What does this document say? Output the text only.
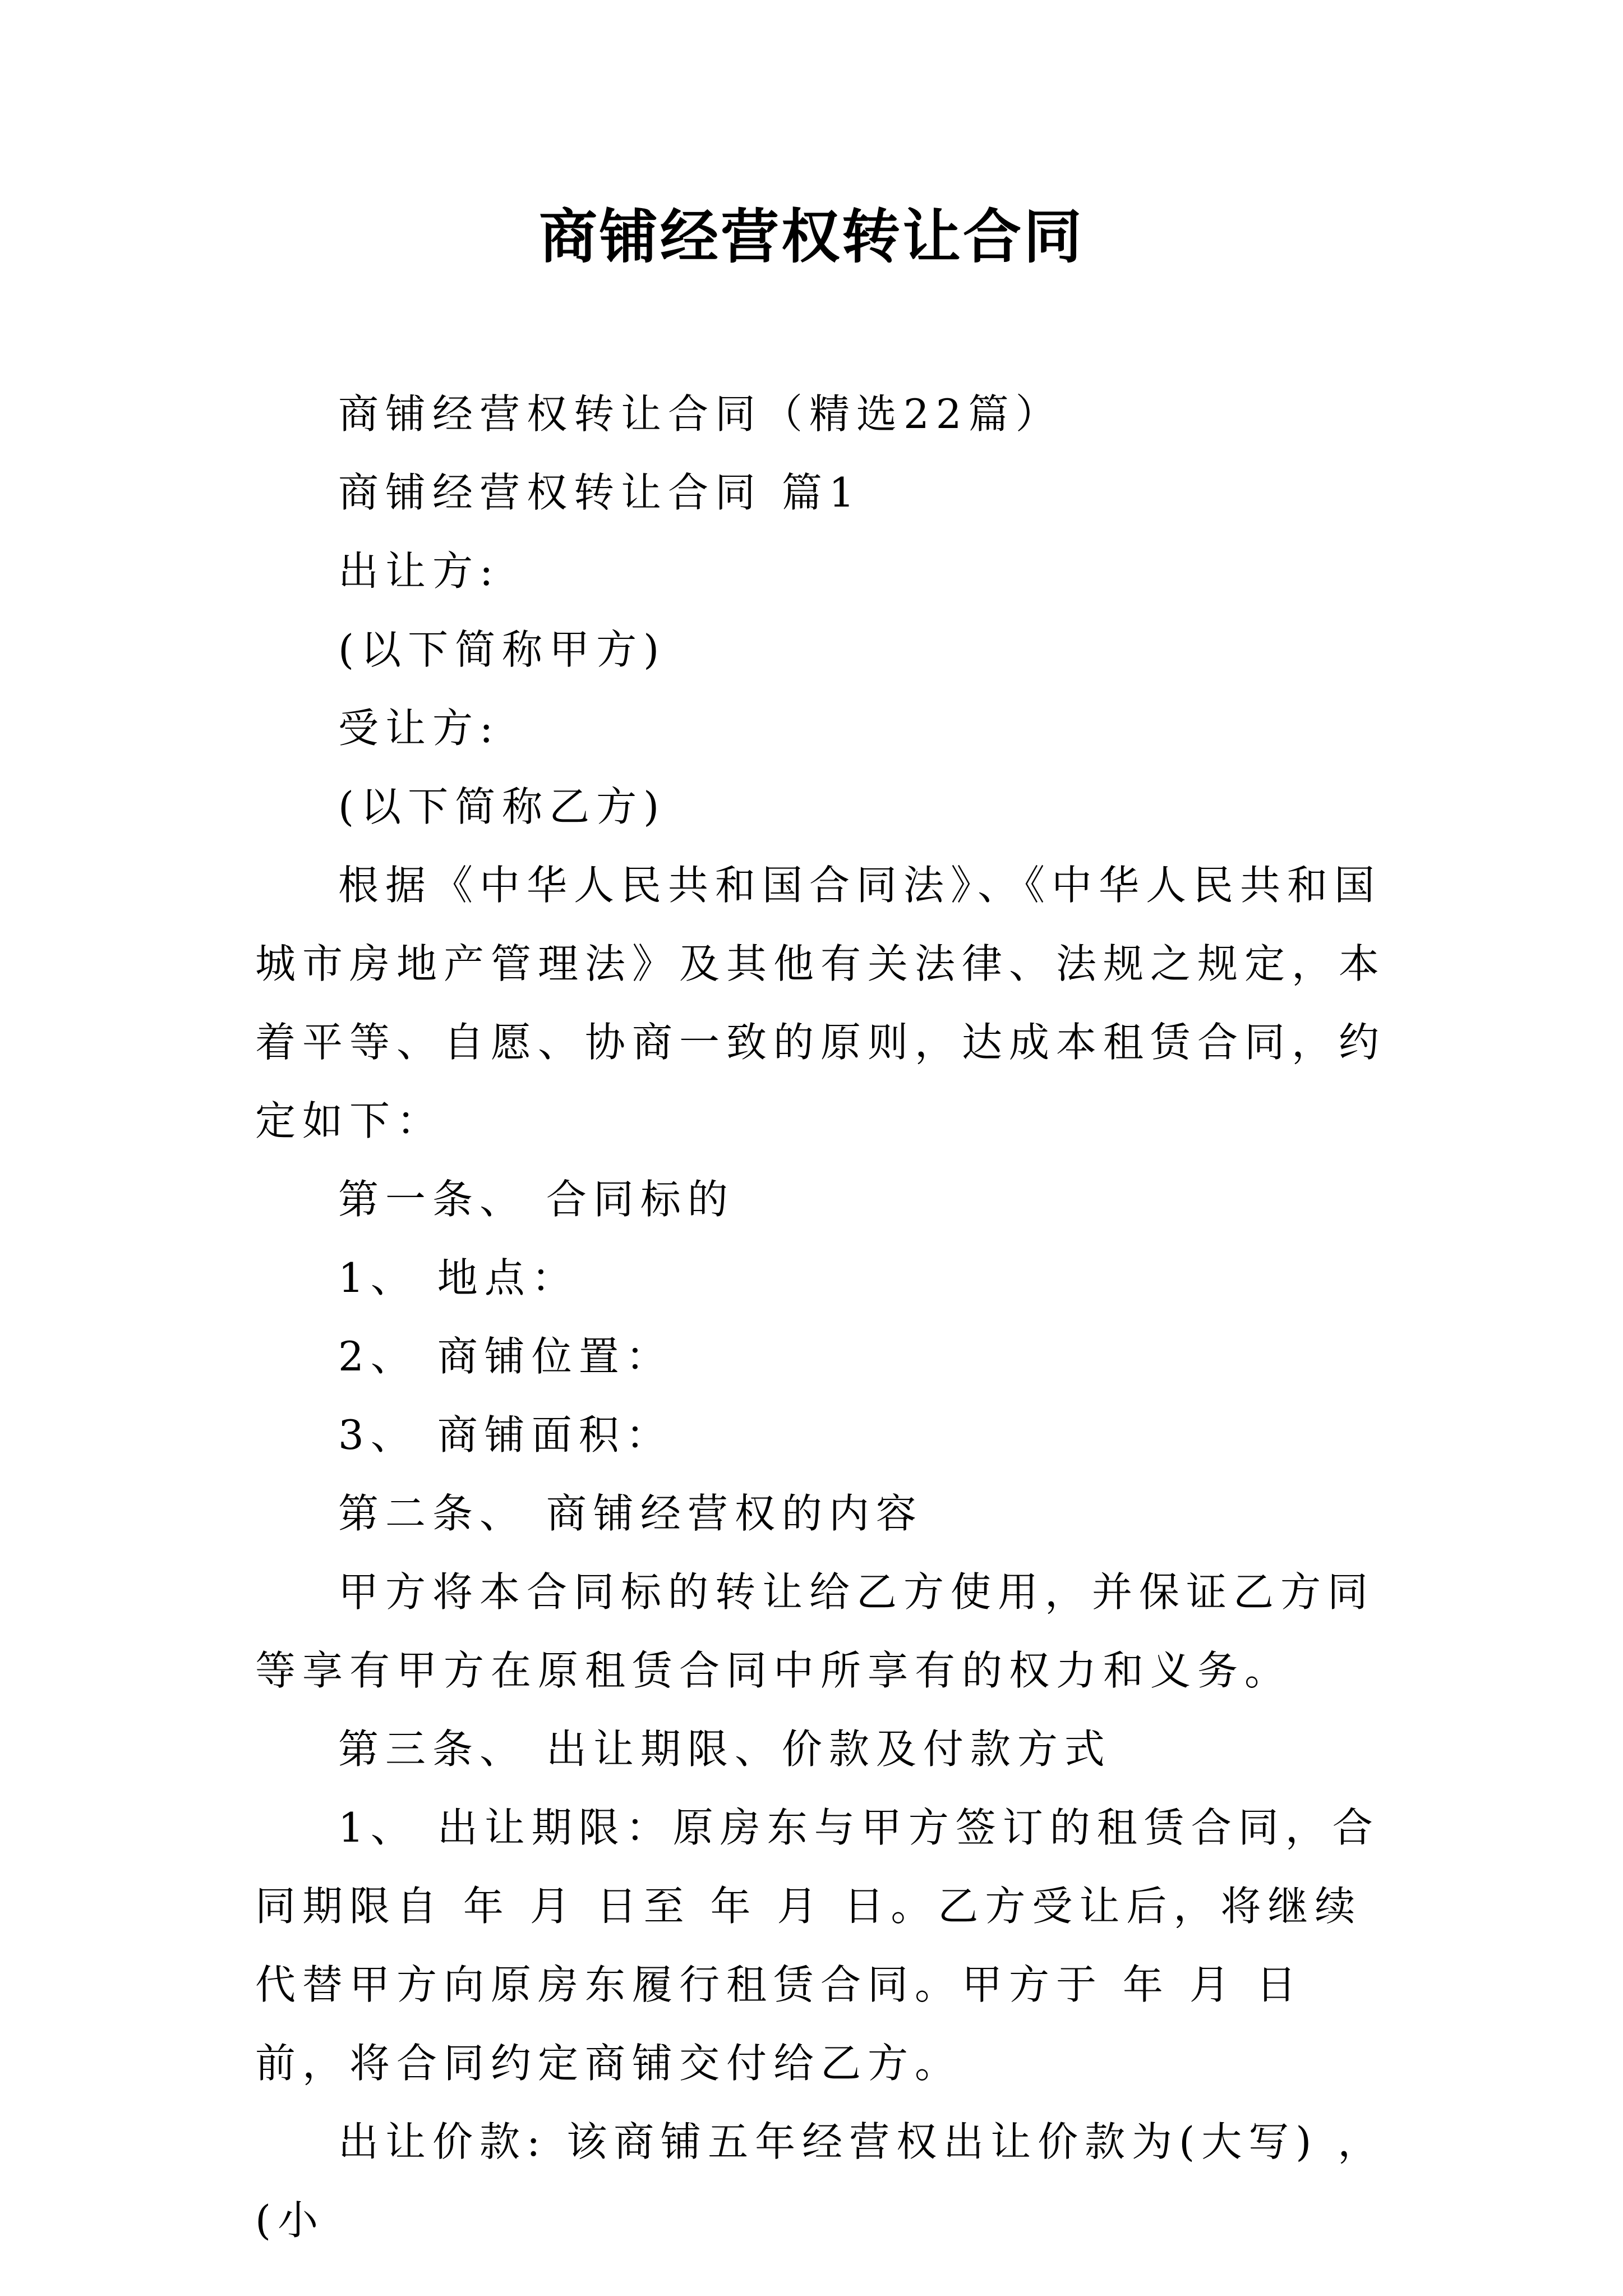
商铺经营权转让合同

商铺经营权转让合同（精选22篇）

商铺经营权转让合同 篇1

出让方:

(以下简称甲方)

受让方:

(以下简称乙方)

根据《中华人民共和国合同法》、《中华人民共和国城市房地产管理法》及其他有关法律、法规之规定，本着平等、自愿、协商一致的原则，达成本租赁合同，约定如下：

第一条、 合同标的

1、 地点：

2、 商铺位置：

3、 商铺面积：

第二条、 商铺经营权的内容

甲方将本合同标的转让给乙方使用，并保证乙方同等享有甲方在原租赁合同中所享有的权力和义务。

第三条、 出让期限、价款及付款方式

1、 出让期限：原房东与甲方签订的租赁合同，合同期限自 年 月 日至 年 月 日。乙方受让后，将继续代替甲方向原房东履行租赁合同。甲方于 年 月 日前，将合同约定商铺交付给乙方。

出让价款: 该商铺五年经营权出让价款为(大写) ， (小
